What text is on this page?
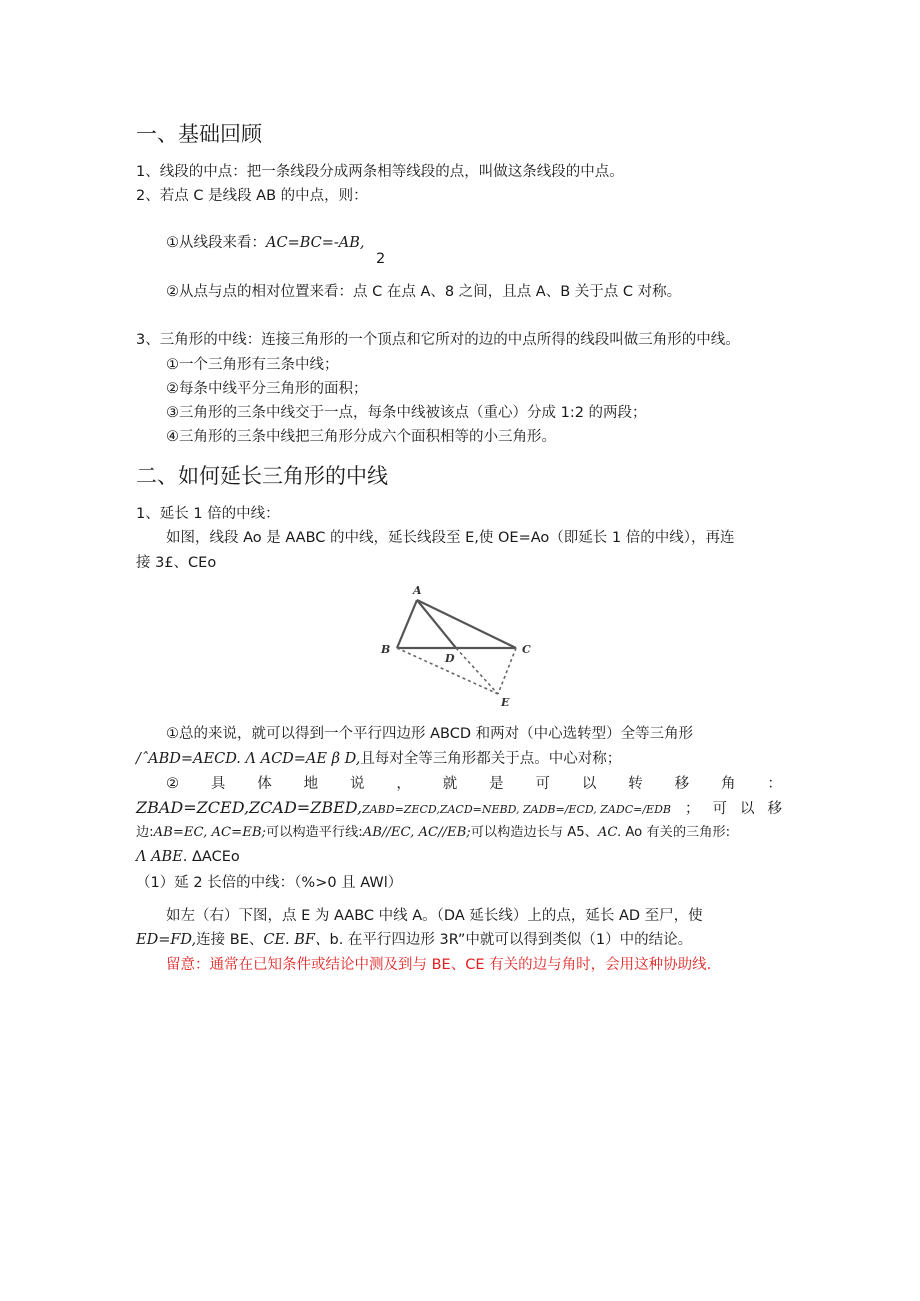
一、基础回顾
1、线段的中点：把一条线段分成两条相等线段的点，叫做这条线段的中点。
2、若点 C 是线段 AB 的中点，则：
①从线段来看：AC=BC=-AB,
2
②从点与点的相对位置来看：点 C 在点 A、8 之间，且点 A、B 关于点 C 对称。
3、三角形的中线：连接三角形的一个顶点和它所对的边的中点所得的线段叫做三角形的中线。
①一个三角形有三条中线；
②每条中线平分三角形的面积；
③三角形的三条中线交于一点，每条中线被该点（重心）分成 1:2 的两段；
④三角形的三条中线把三角形分成六个面积相等的小三角形。
二、如何延长三角形的中线
1、延长 1 倍的中线：
如图，线段 Ao 是 AABC 的中线，延长线段至 E,使 OE=Ao（即延长 1 倍的中线），再连
接 3£、CEo
A
B	C
D
E
①总的来说，就可以得到一个平行四边形 ABCD 和两对（中心选转型）全等三角形
/ˆABD=AECD. Λ ACD=AE β D,且每对全等三角形都关于点。中心对称；
② 具 体 地 说 ， 就 是 可 以 转 移 角 ：
ZBAD=ZCED,ZCAD=ZBED, ZABD=ZECD,ZACD=NEBD, ZADB=/ECD, ZADC=/EDB ； 可 以 移
边:AB=EC, AC=EB;可以构造平行线:AB//EC, AC//EB;可以构造边长与 A5、AC. Ao 有关的三角形:
Λ ABE. ΔACEo
（1）延 2 长倍的中线：（%>0 且 AWl）
如左（右）下图，点 E 为 AABC 中线 A。（DA 延长线）上的点，延长 AD 至尸，使
ED=FD,连接 BE、CE. BF、b. 在平行四边形 3R”中就可以得到类似（1）中的结论。
留意：通常在已知条件或结论中测及到与 BE、CE 有关的边与角时，会用这种协助线.
